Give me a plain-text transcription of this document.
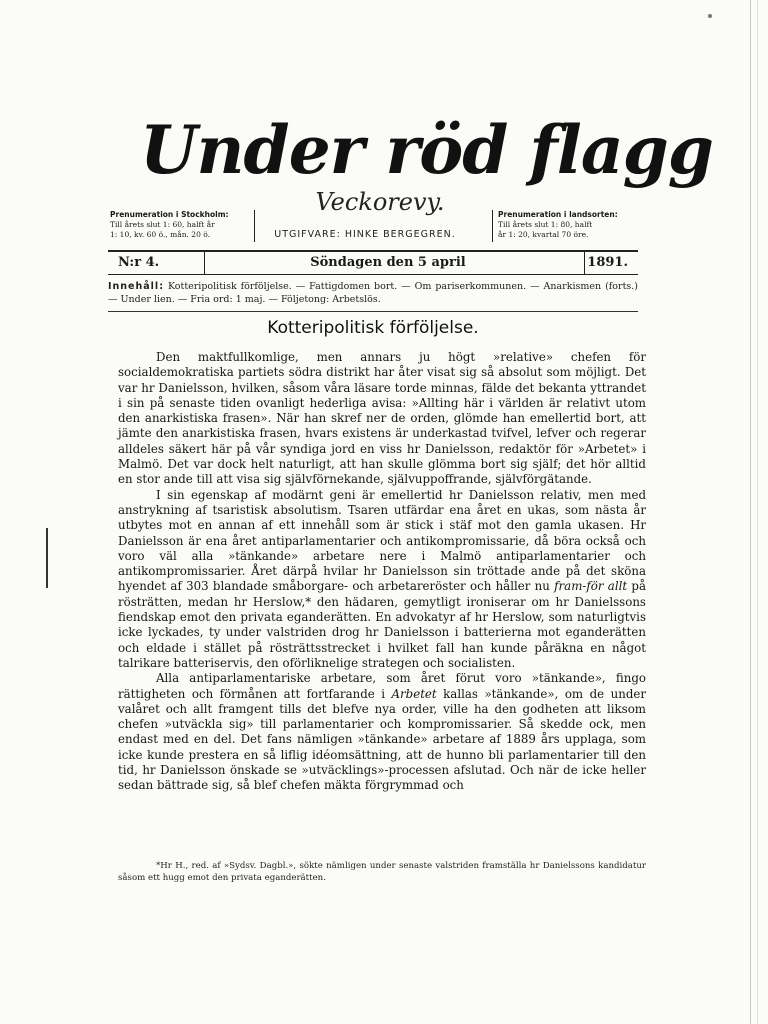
Under röd flagg
Veckorevy.
UTGIFVARE: HINKE BERGEGREN.
Prenumeration i Stockholm:
Till årets slut 1: 60, halft år
1: 10, kv. 60 ö., mån. 20 ö.
Prenumeration i landsorten:
Till årets slut 1: 80, halft
år 1: 20, kvartal 70 öre.
N:r 4.	Söndagen den 5 april	1891.
Innehåll: Kotteripolitisk förföljelse. — Fattigdomen bort. — Om pariserkommunen. — Anarkismen (forts.) — Under lien. — Fria ord: 1 maj. — Följetong: Arbetslös.
Kotteripolitisk förföljelse.

Den maktfullkomlige, men annars ju högt »relative» chefen för socialdemokratiska partiets södra distrikt har åter visat sig så absolut som möjligt. Det var hr Danielsson, hvilken, såsom våra läsare torde minnas, fälde det bekanta yttrandet i sin på senaste tiden ovanligt hederliga avisa: »Allting här i världen är relativt utom den anarkistiska frasen». När han skref ner de orden, glömde han emellertid bort, att jämte den anarkistiska frasen, hvars existens är underkastad tvifvel, lefver och regerar alldeles säkert här på vår syndiga jord en viss hr Danielsson, redaktör för »Arbetet» i Malmö. Det var dock helt naturligt, att han skulle glömma bort sig själf; det hör alltid en stor ande till att visa sig självförnekande, självuppoffrande, självförgätande.

I sin egenskap af modärnt geni är emellertid hr Danielsson relativ, men med anstrykning af tsaristisk absolutism. Tsaren utfärdar ena året en ukas, som nästa år utbytes mot en annan af ett innehåll som är stick i stäf mot den gamla ukasen. Hr Danielsson är ena året antiparlamentarier och antikompromissarie, då böra också och voro väl alla »tänkande» arbetare nere i Malmö antiparlamentarier och antikompromissarier. Året därpå hvilar hr Danielsson sin tröttade ande på det sköna hyendet af 303 blandade småborgare- och arbetareröster och håller nu fram-för allt på rösträtten, medan hr Herslow,* den hädaren, gemytligt ironiserar om hr Danielssons fiendskap emot den privata eganderätten. En advokatyr af hr Herslow, som naturligtvis icke lyckades, ty under valstriden drog hr Danielsson i batterierna mot eganderätten och eldade i stället på rösträttsstrecket i hvilket fall han kunde påräkna en något talrikare batteriservis, den oförliknelige strategen och socialisten.

Alla antiparlamentariske arbetare, som året förut voro »tänkande», fingo rättigheten och förmånen att fortfarande i Arbetet kallas »tänkande», om de under valåret och allt framgent tills det blefve nya order, ville ha den godheten att liksom chefen »utväckla sig» till parlamentarier och kompromissarier. Så skedde ock, men endast med en del. Det fans nämligen »tänkande» arbetare af 1889 års upplaga, som icke kunde prestera en så liflig idéomsättning, att de hunno bli parlamentarier till den tid, hr Danielsson önskade se »utväcklings»-processen afslutad. Och när de icke heller sedan bättrade sig, så blef chefen mäkta förgrymmad och

*Hr H., red. af »Sydsv. Dagbl.», sökte nämligen under senaste valstriden framställa hr Danielssons kandidatur såsom ett hugg emot den privata eganderätten.
